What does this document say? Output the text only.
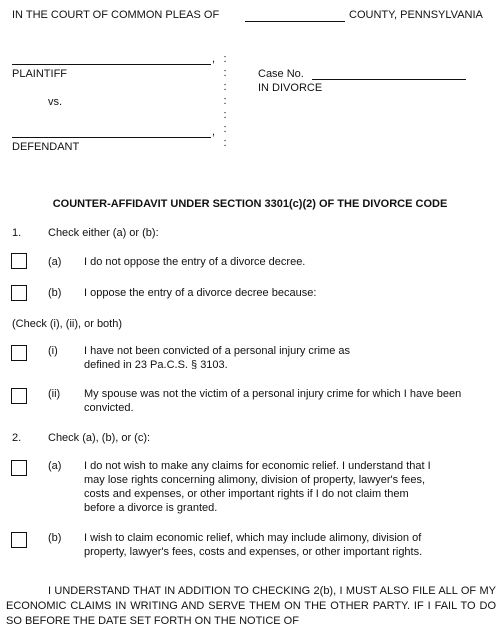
IN THE COURT OF COMMON PLEAS OF	COUNTY, PENNSYLVANIA
,
PLAINTIFF
vs.
,
DEFENDANT
:
:
:
:
:
:
:
Case No.
IN DIVORCE
COUNTER-AFFIDAVIT UNDER SECTION 3301(c)(2) OF THE DIVORCE CODE
1. Check either (a) or (b):
(a) I do not oppose the entry of a divorce decree.
(b) I oppose the entry of a divorce decree because:
(Check (i), (ii), or both)
(i) I have not been convicted of a personal injury crime as defined in 23 Pa.C.S. § 3103.
(ii) My spouse was not the victim of a personal injury crime for which I have been convicted.
2. Check (a), (b), or (c):
(a) I do not wish to make any claims for economic relief. I understand that I may lose rights concerning alimony, division of property, lawyer's fees, costs and expenses, or other important rights if I do not claim them before a divorce is granted.
(b) I wish to claim economic relief, which may include alimony, division of property, lawyer's fees, costs and expenses, or other important rights.
I UNDERSTAND THAT IN ADDITION TO CHECKING 2(b), I MUST ALSO FILE ALL OF MY ECONOMIC CLAIMS IN WRITING AND SERVE THEM ON THE OTHER PARTY. IF I FAIL TO DO SO BEFORE THE DATE SET FORTH ON THE NOTICE OF
